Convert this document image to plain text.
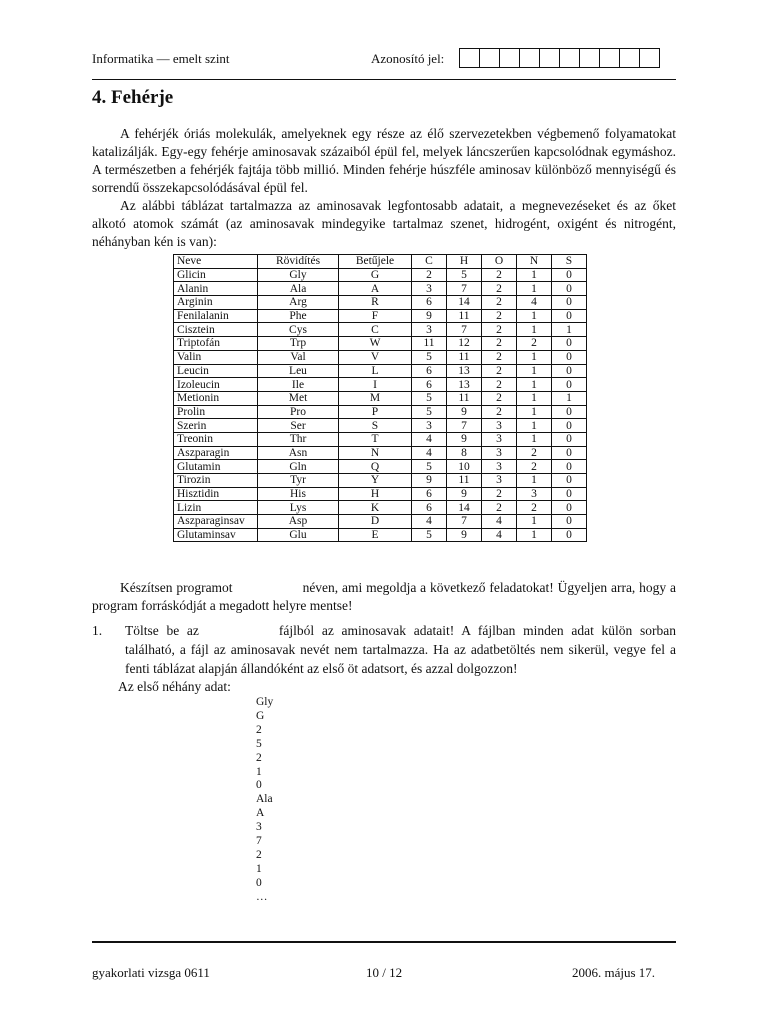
Informatika — emelt szint	Azonosító jel:
4. Fehérje

A fehérjék óriás molekulák, amelyeknek egy része az élő szervezetekben végbemenő folyamatokat katalizálják. Egy-egy fehérje aminosavak százaiból épül fel, melyek láncszerűen kapcsolódnak egymáshoz. A természetben a fehérjék fajtája több millió. Minden fehérje húszféle aminosav különböző mennyiségű és sorrendű összekapcsolódásával épül fel.

Az alábbi táblázat tartalmazza az aminosavak legfontosabb adatait, a megnevezéseket és az őket alkotó atomok számát (az aminosavak mindegyike tartalmaz szenet, hidrogént, oxigént és nitrogént, néhányban kén is van):

Neve	Rövidítés	Betűjele	C	H	O	N	S
Glicin	Gly	G	2	5	2	1	0
Alanin	Ala	A	3	7	2	1	0
Arginin	Arg	R	6	14	2	4	0
Fenilalanin	Phe	F	9	11	2	1	0
Cisztein	Cys	C	3	7	2	1	1
Triptofán	Trp	W	11	12	2	2	0
Valin	Val	V	5	11	2	1	0
Leucin	Leu	L	6	13	2	1	0
Izoleucin	Ile	I	6	13	2	1	0
Metionin	Met	M	5	11	2	1	1
Prolin	Pro	P	5	9	2	1	0
Szerin	Ser	S	3	7	3	1	0
Treonin	Thr	T	4	9	3	1	0
Aszparagin	Asn	N	4	8	3	2	0
Glutamin	Gln	Q	5	10	3	2	0
Tirozin	Tyr	Y	9	11	3	1	0
Hisztidin	His	H	6	9	2	3	0
Lizin	Lys	K	6	14	2	2	0
Aszparaginsav	Asp	D	4	7	4	1	0
Glutaminsav	Glu	E	5	9	4	1	0

Készítsen programot	néven, ami megoldja a következő feladatokat! Ügyeljen arra, hogy a program forráskódját a megadott helyre mentse!

1. Töltse be az	fájlból az aminosavak adatait! A fájlban minden adat külön sorban található, a fájl az aminosavak nevét nem tartalmazza. Ha az adatbetöltés nem sikerül, vegye fel a fenti táblázat alapján állandóként az első öt adatsort, és azzal dolgozzon!
Az első néhány adat:
Gly
G
2
5
2
1
0
Ala
A
3
7
2
1
0
…
gyakorlati vizsga 0611	10 / 12	2006. május 17.
